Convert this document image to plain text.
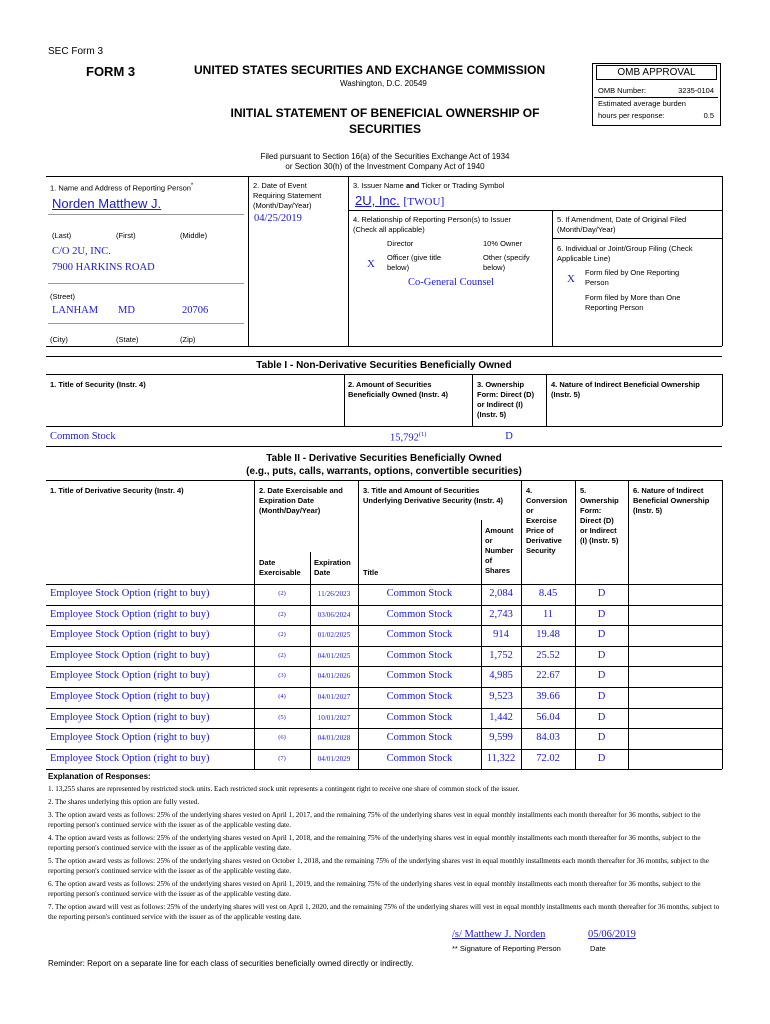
SEC Form 3
FORM 3	UNITED STATES SECURITIES AND EXCHANGE COMMISSION
Washington, D.C. 20549
INITIAL STATEMENT OF BENEFICIAL OWNERSHIP OF
SECURITIES
OMB APPROVAL
OMB Number:	3235-0104
Estimated average burden
hours per response:	0.5
Filed pursuant to Section 16(a) of the Securities Exchange Act of 1934
or Section 30(h) of the Investment Company Act of 1940
1. Name and Address of Reporting Person*
Norden Matthew J.
(Last)	(First)	(Middle)
C/O 2U, INC.
7900 HARKINS ROAD
(Street)
LANHAM MD	20706
(City)	(State)	(Zip)
2. Date of Event
Requiring Statement
(Month/Day/Year)
04/25/2019
3. Issuer Name and Ticker or Trading Symbol
2U, Inc. [TWOU]
4. Relationship of Reporting Person(s) to Issuer
(Check all applicable)
Director	10% Owner
X
Officer (give title
below)
Other (specify
below)
Co-General Counsel
5. If Amendment, Date of Original Filed
(Month/Day/Year)
6. Individual or Joint/Group Filing (Check
Applicable Line)
X
Form filed by One Reporting
Person
Form filed by More than One
Reporting Person
Table I - Non-Derivative Securities Beneficially Owned
1. Title of Security (Instr. 4)	2. Amount of Securities
Beneficially Owned (Instr. 4)
3. Ownership
Form: Direct (D)
or Indirect (I)
(Instr. 5)
4. Nature of Indirect Beneficial Ownership
(Instr. 5)
Common Stock	15,792$^{(1)}$	D
Table II - Derivative Securities Beneficially Owned
(e.g., puts, calls, warrants, options, convertible securities)
1. Title of Derivative Security (Instr. 4)	2. Date Exercisable and
Expiration Date
(Month/Day/Year)
3. Title and Amount of Securities
Underlying Derivative Security (Instr. 4)
4.
Conversion
or
Exercise
Price of
Derivative
Security
5.
Ownership
Form:
Direct (D)
or Indirect
(I) (Instr. 5)
6. Nature of Indirect
Beneficial Ownership
(Instr. 5)
Date
Exercisable
Expiration
Date	Title
Amount
or
Number
of
Shares
Employee Stock Option (right to buy)	(2)	11/26/2023	Common Stock	2,084	8.45	D
Employee Stock Option (right to buy)	(2)	03/06/2024	Common Stock	2,743	11	D
Employee Stock Option (right to buy)	(2)	01/02/2025	Common Stock	914	19.48	D
Employee Stock Option (right to buy)	(2)	04/01/2025	Common Stock	1,752	25.52	D
Employee Stock Option (right to buy)	(3)	04/01/2026	Common Stock	4,985	22.67	D
Employee Stock Option (right to buy)	(4)	04/01/2027	Common Stock	9,523	39.66	D
Employee Stock Option (right to buy)	(5)	10/01/2027	Common Stock	1,442	56.04	D
Employee Stock Option (right to buy)	(6)	04/01/2028	Common Stock	9,599	84.03	D
Employee Stock Option (right to buy)	(7)	04/01/2029	Common Stock	11,322	72.02	D
Explanation of Responses:
1. 13,255 shares are represented by restricted stock units. Each restricted stock unit represents a contingent right to receive one share of common stock of the issuer.
2. The shares underlying this option are fully vested.
3. The option award vests as follows: 25% of the underlying shares vested on April 1, 2017, and the remaining 75% of the underlying shares vest in equal monthly installments each month thereafter for 36 months, subject to the reporting person's continued service with the issuer as of the applicable vesting date.
4. The option award vests as follows: 25% of the underlying shares vested on April 1, 2018, and the remaining 75% of the underlying shares vest in equal monthly installments each month thereafter for 36 months, subject to the reporting person's continued service with the issuer as of the applicable vesting date.
5. The option award vests as follows: 25% of the underlying shares vested on October 1, 2018, and the remaining 75% of the underlying shares vest in equal monthly installments each month thereafter for 36 months, subject to the reporting person's continued service with the issuer as of the applicable vesting date.
6. The option award vests as follows: 25% of the underlying shares vested on April 1, 2019, and the remaining 75% of the underlying shares vest in equal monthly installments each month thereafter for 36 months, subject to the reporting person's continued service with the issuer as of the applicable vesting date.
7. The option award will vest as follows: 25% of the underlying shares will vest on April 1, 2020, and the remaining 75% of the underlying shares will vest in equal monthly installments each month thereafter for 36 months, subject to the reporting person's continued service with the issuer as of the applicable vesting date.
/s/ Matthew J. Norden	05/06/2019
** Signature of Reporting Person	Date
Reminder: Report on a separate line for each class of securities beneficially owned directly or indirectly.
